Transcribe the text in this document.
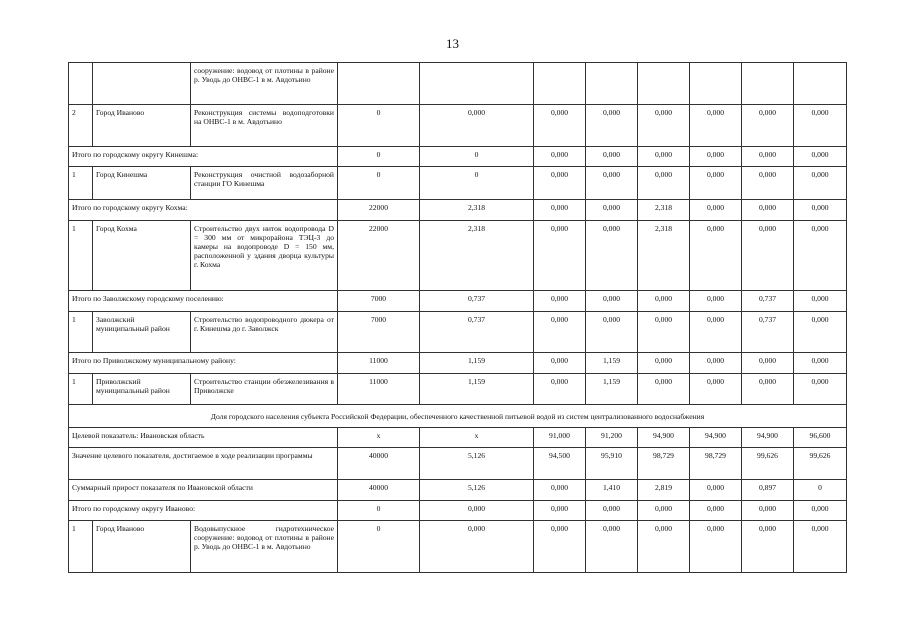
13
		сооружение: водовод от плотины в районе р. Уводь до ОНВС-1 в м. Авдотьино								
2	Город Иваново	Реконструкция системы водоподготовки на ОНВС-1 в м. Авдотьино	0	0,000	0,000	0,000	0,000	0,000	0,000	0,000
Итого по городскому округу Кинешма:			0	0	0,000	0,000	0,000	0,000	0,000	0,000
1	Город Кинешма	Реконструкция очистной водозаборной станции ГО Кинешма	0	0	0,000	0,000	0,000	0,000	0,000	0,000
Итого по городскому округу Кохма:			22000	2,318	0,000	0,000	2,318	0,000	0,000	0,000
1	Город Кохма	Строительство двух ниток водопровода D = 300 мм от микрорайона ТЭЦ-3 до камеры на водопроводе D = 150 мм, расположенной у здания дворца культуры г. Кохма	22000	2,318	0,000	0,000	2,318	0,000	0,000	0,000
Итого по Заволжскому городскому поселению:			7000	0,737	0,000	0,000	0,000	0,000	0,737	0,000
1	Заволжский муниципальный район	Строительство водопроводного дюкера от г. Кинешма до г. Заволжск	7000	0,737	0,000	0,000	0,000	0,000	0,737	0,000
Итого по Приволжскому муниципальному району:			11000	1,159	0,000	1,159	0,000	0,000	0,000	0,000
1	Приволжский муниципальный район	Строительство станции обезжелезивания в Приволжске	11000	1,159	0,000	1,159	0,000	0,000	0,000	0,000
Доля городского населения субъекта Российской Федерации, обеспеченного качественной питьевой водой из систем централизованного водоснабжения										
Целевой показатель: Ивановская область			x	x	91,000	91,200	94,900	94,900	94,900	96,600
Значение целевого показателя, достигаемое в ходе реализации программы			40000	5,126	94,500	95,910	98,729	98,729	99,626	99,626
Суммарный прирост показателя по Ивановской области			40000	5,126	0,000	1,410	2,819	0,000	0,897	0
Итого по городскому округу Иваново:			0	0,000	0,000	0,000	0,000	0,000	0,000	0,000
1	Город Иваново	Водовыпускное гидротехническое сооружение: водовод от плотины в районе р. Уводь до ОНВС-1 в м. Авдотьино	0	0,000	0,000	0,000	0,000	0,000	0,000	0,000
